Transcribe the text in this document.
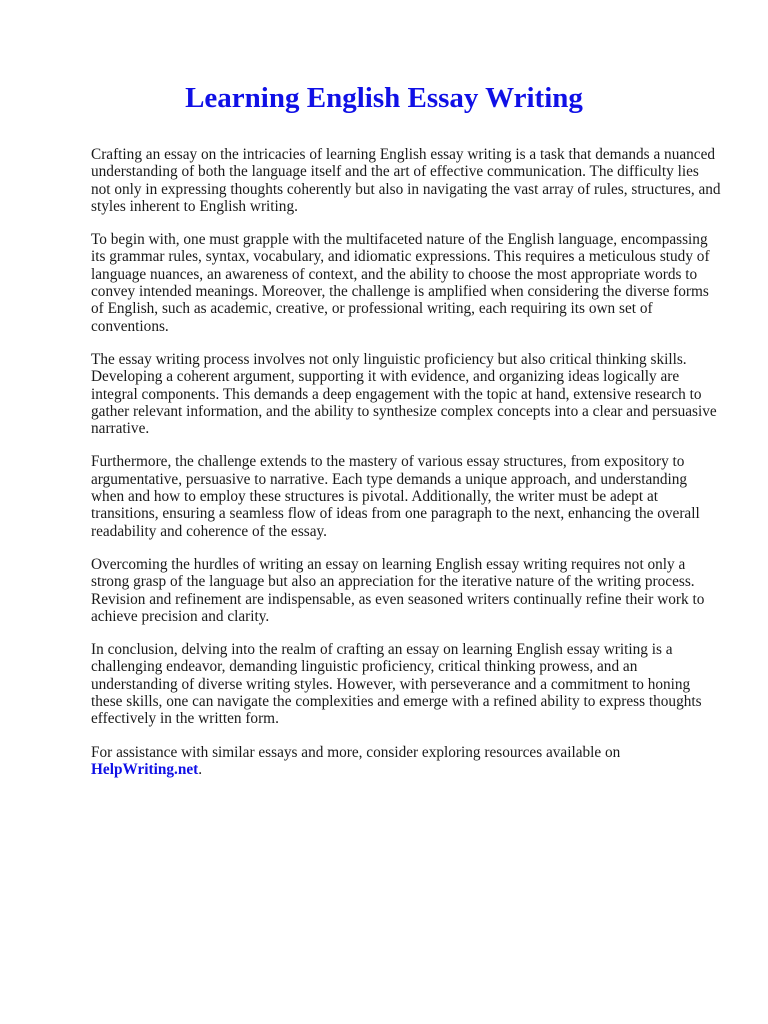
Learning English Essay Writing

Crafting an essay on the intricacies of learning English essay writing is a task that demands a nuanced understanding of both the language itself and the art of effective communication. The difficulty lies not only in expressing thoughts coherently but also in navigating the vast array of rules, structures, and styles inherent to English writing.

To begin with, one must grapple with the multifaceted nature of the English language, encompassing its grammar rules, syntax, vocabulary, and idiomatic expressions. This requires a meticulous study of language nuances, an awareness of context, and the ability to choose the most appropriate words to convey intended meanings. Moreover, the challenge is amplified when considering the diverse forms of English, such as academic, creative, or professional writing, each requiring its own set of conventions.

The essay writing process involves not only linguistic proficiency but also critical thinking skills. Developing a coherent argument, supporting it with evidence, and organizing ideas logically are integral components. This demands a deep engagement with the topic at hand, extensive research to gather relevant information, and the ability to synthesize complex concepts into a clear and persuasive narrative.

Furthermore, the challenge extends to the mastery of various essay structures, from expository to argumentative, persuasive to narrative. Each type demands a unique approach, and understanding when and how to employ these structures is pivotal. Additionally, the writer must be adept at transitions, ensuring a seamless flow of ideas from one paragraph to the next, enhancing the overall readability and coherence of the essay.

Overcoming the hurdles of writing an essay on learning English essay writing requires not only a strong grasp of the language but also an appreciation for the iterative nature of the writing process. Revision and refinement are indispensable, as even seasoned writers continually refine their work to achieve precision and clarity.

In conclusion, delving into the realm of crafting an essay on learning English essay writing is a challenging endeavor, demanding linguistic proficiency, critical thinking prowess, and an understanding of diverse writing styles. However, with perseverance and a commitment to honing these skills, one can navigate the complexities and emerge with a refined ability to express thoughts effectively in the written form.

For assistance with similar essays and more, consider exploring resources available on
HelpWriting.net.
